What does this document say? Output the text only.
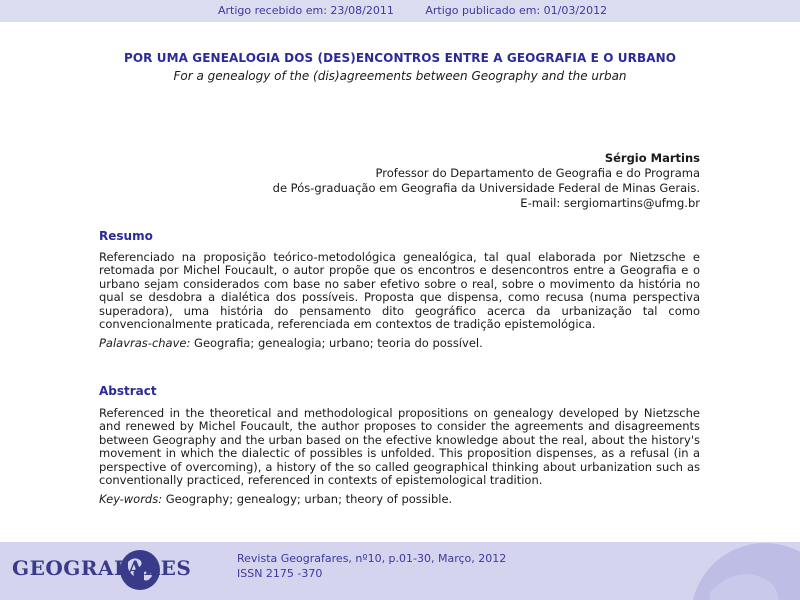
Artigo recebido em: 23/08/2011	Artigo publicado em: 01/03/2012
POR UMA GENEALOGIA DOS (DES)ENCONTROS ENTRE A GEOGRAFIA E O URBANO
For a genealogy of the (dis)agreements between Geography and the urban
Sérgio Martins
Professor do Departamento de Geografia e do Programa
de Pós-graduação em Geografia da Universidade Federal de Minas Gerais.
E-mail: sergiomartins@ufmg.br
Resumo
Referenciado na proposição teórico-metodológica genealógica, tal qual elaborada por Nietzsche e retomada por Michel Foucault, o autor propõe que os encontros e desencontros entre a Geografia e o urbano sejam considerados com base no saber efetivo sobre o real, sobre o movimento da história no qual se desdobra a dialética dos possíveis. Proposta que dispensa, como recusa (numa perspectiva superadora), uma história do pensamento dito geográfico acerca da urbanização tal como convencionalmente praticada, referenciada em contextos de tradição epistemológica.
Palavras-chave: Geografia; genealogia; urbano; teoria do possível.
Abstract
Referenced in the theoretical and methodological propositions on genealogy developed by Nietzsche and renewed by Michel Foucault, the author proposes to consider the agreements and disagreements between Geography and the urban based on the efective knowledge about the real, about the history's movement in which the dialectic of possibles is unfolded. This proposition dispenses, as a refusal (in a perspective of overcoming), a history of the so called geographical thinking about urbanization such as conventionally practiced, referenced in contexts of epistemological tradition.
Key-words: Geography; genealogy; urban; theory of possible.
GEOGRAFARES	Revista Geografares, nº10, p.01-30, Março, 2012
ISSN 2175 -370
